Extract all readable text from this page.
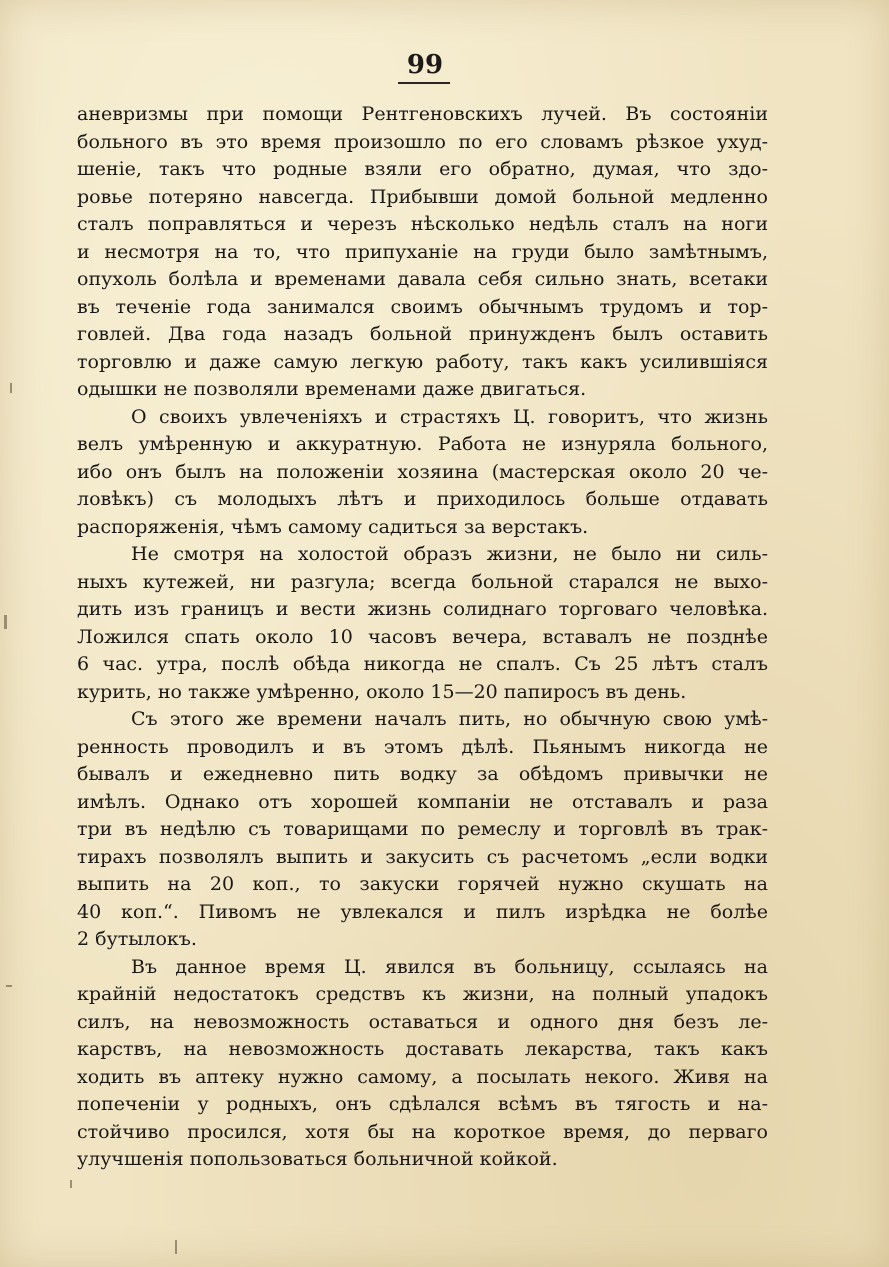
99
аневризмы при помощи Рентгеновскихъ лучей. Въ состояніи
больного въ это время произошло по его словамъ рѣзкое ухуд-
шеніе, такъ что родные взяли его обратно, думая, что здо-
ровье потеряно навсегда. Прибывши домой больной медленно
сталъ поправляться и черезъ нѣсколько недѣль сталъ на ноги
и несмотря на то, что припуханіе на груди было замѣтнымъ,
опухоль болѣла и временами давала себя сильно знать, всетаки
въ теченіе года занимался своимъ обычнымъ трудомъ и тор-
говлей. Два года назадъ больной принужденъ былъ оставить
торговлю и даже самую легкую работу, такъ какъ усилившіяся
одышки не позволяли временами даже двигаться.
О своихъ увлеченіяхъ и страстяхъ Ц. говоритъ, что жизнь
велъ умѣренную и аккуратную. Работа не изнуряла больного,
ибо онъ былъ на положеніи хозяина (мастерская около 20 че-
ловѣкъ) съ молодыхъ лѣтъ и приходилось больше отдавать
распоряженія, чѣмъ самому садиться за верстакъ.
Не смотря на холостой образъ жизни, не было ни силь-
ныхъ кутежей, ни разгула; всегда больной старался не выхо-
дить изъ границъ и вести жизнь солиднаго торговаго человѣка.
Ложился спать около 10 часовъ вечера, вставалъ не позднѣе
6 час. утра, послѣ обѣда никогда не спалъ. Съ 25 лѣтъ сталъ
курить, но также умѣренно, около 15—20 папиросъ въ день.
Съ этого же времени началъ пить, но обычную свою умѣ-
ренность проводилъ и въ этомъ дѣлѣ. Пьянымъ никогда не
бывалъ и ежедневно пить водку за обѣдомъ привычки не
имѣлъ. Однако отъ хорошей компаніи не отставалъ и раза
три въ недѣлю съ товарищами по ремеслу и торговлѣ въ трак-
тирахъ позволялъ выпить и закусить съ расчетомъ „если водки
выпить на 20 коп., то закуски горячей нужно скушать на
40 коп.“. Пивомъ не увлекался и пилъ изрѣдка не болѣе
2 бутылокъ.
Въ данное время Ц. явился въ больницу, ссылаясь на
крайній недостатокъ средствъ къ жизни, на полный упадокъ
силъ, на невозможность оставаться и одного дня безъ ле-
карствъ, на невозможность доставать лекарства, такъ какъ
ходить въ аптеку нужно самому, а посылать некого. Живя на
попеченіи у родныхъ, онъ сдѣлался всѣмъ въ тягость и на-
стойчиво просился, хотя бы на короткое время, до перваго
улучшенія попользоваться больничной койкой.
